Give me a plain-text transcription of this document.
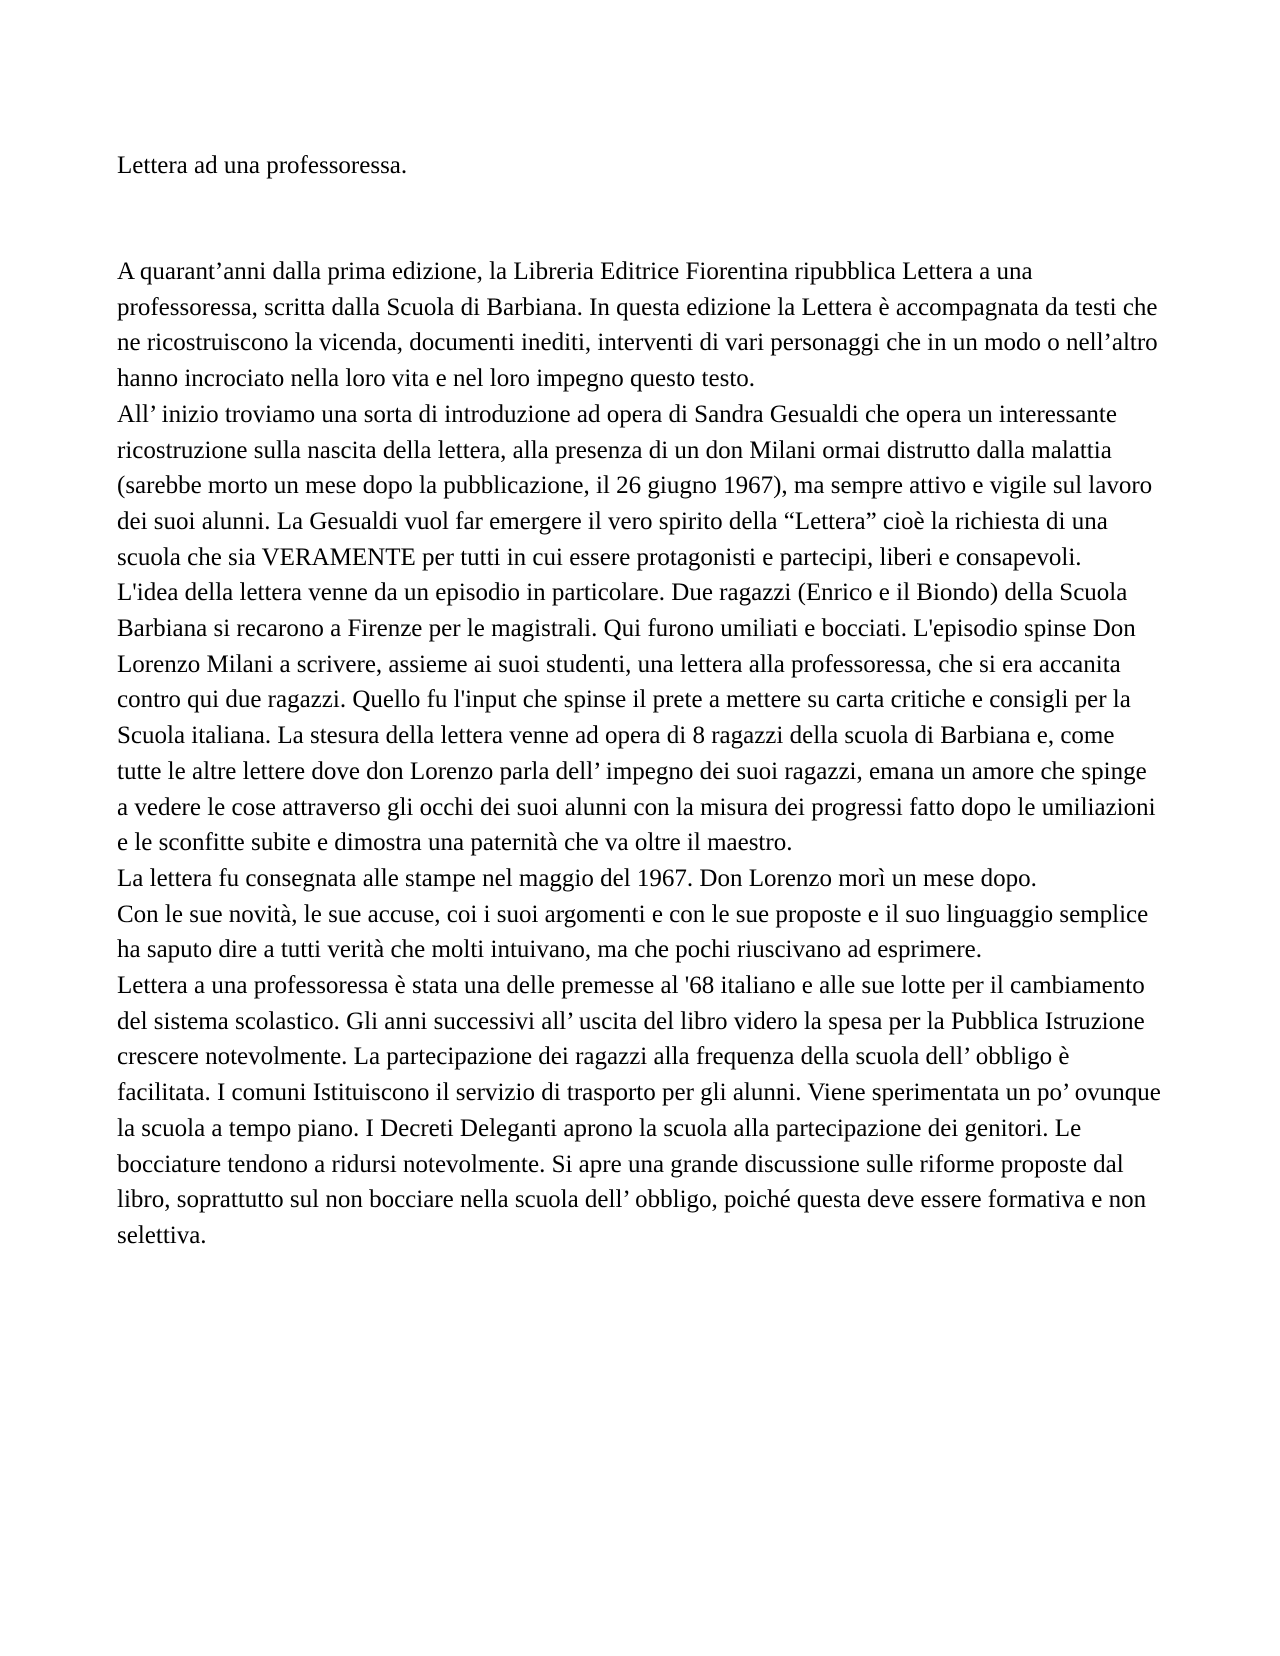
Lettera ad una professoressa.

A quarant’anni dalla prima edizione, la Libreria Editrice Fiorentina ripubblica Lettera a una professoressa, scritta dalla Scuola di Barbiana. In questa edizione la Lettera è accompagnata da testi che ne ricostruiscono la vicenda, documenti inediti, interventi di vari personaggi che in un modo o nell’altro hanno incrociato nella loro vita e nel loro impegno questo testo.

All’ inizio troviamo una sorta di introduzione ad opera di Sandra Gesualdi che opera un interessante ricostruzione sulla nascita della lettera, alla presenza di un don Milani ormai distrutto dalla malattia (sarebbe morto un mese dopo la pubblicazione, il 26 giugno 1967), ma sempre attivo e vigile sul lavoro dei suoi alunni. La Gesualdi vuol far emergere il vero spirito della “Lettera” cioè la richiesta di una scuola che sia VERAMENTE per tutti in cui essere protagonisti e partecipi, liberi e consapevoli.

L'idea della lettera venne da un episodio in particolare. Due ragazzi (Enrico e il Biondo) della Scuola Barbiana si recarono a Firenze per le magistrali. Qui furono umiliati e bocciati. L'episodio spinse Don Lorenzo Milani a scrivere, assieme ai suoi studenti, una lettera alla professoressa, che si era accanita contro qui due ragazzi. Quello fu l'input che spinse il prete a mettere su carta critiche e consigli per la Scuola italiana. La stesura della lettera venne ad opera di 8 ragazzi della scuola di Barbiana e, come tutte le altre lettere dove don Lorenzo parla dell’ impegno dei suoi ragazzi, emana un amore che spinge a vedere le cose attraverso gli occhi dei suoi alunni con la misura dei progressi fatto dopo le umiliazioni e le sconfitte subite e dimostra una paternità che va oltre il maestro.

La lettera fu consegnata alle stampe nel maggio del 1967. Don Lorenzo morì un mese dopo.

Con le sue novità, le sue accuse, coi i suoi argomenti e con le sue proposte e il suo linguaggio semplice ha saputo dire a tutti verità che molti intuivano, ma che pochi riuscivano ad esprimere.

Lettera a una professoressa è stata una delle premesse al '68 italiano e alle sue lotte per il cambiamento del sistema scolastico. Gli anni successivi all’ uscita del libro videro la spesa per la Pubblica Istruzione crescere notevolmente. La partecipazione dei ragazzi alla frequenza della scuola dell’ obbligo è facilitata. I comuni Istituiscono il servizio di trasporto per gli alunni. Viene sperimentata un po’ ovunque la scuola a tempo piano. I Decreti Deleganti aprono la scuola alla partecipazione dei genitori. Le bocciature tendono a ridursi notevolmente. Si apre una grande discussione sulle riforme proposte dal libro, soprattutto sul non bocciare nella scuola dell’ obbligo, poiché questa deve essere formativa e non selettiva.
